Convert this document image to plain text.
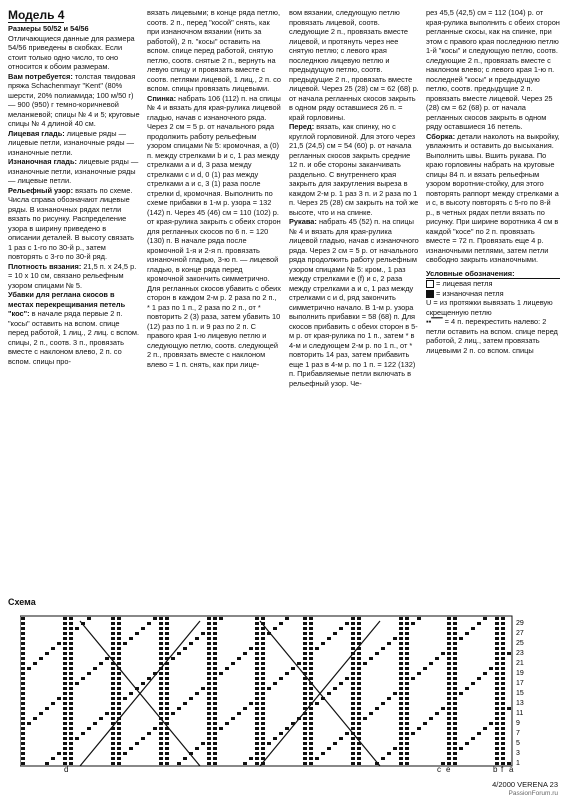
Модель 4

Размеры 50/52 и 54/56

Отличающиеся данные для размера 54/56 приведены в скобках. Если стоит только одно число, то оно относится к обоим размерам.

Вам потребуется: толстая твидовая пряжа Schachenmayr "Kent" (80% шерсти, 20% полиамида; 100 м/50 г) — 900 (950) г темно-коричневой меланжевой; спицы № 4 и 5; круговые спицы № 4 длиной 40 см.

Лицевая гладь: лицевые ряды — лицевые петли, изнаночные ряды — изнаночные петли.

Изнаночная гладь: лицевые ряды — изнаночные петли, изнаночные ряды — лицевые петли.

Рельефный узор: вязать по схеме. Числа справа обозначают лицевые ряды. В изнаночных рядах петли вязать по рисунку. Распределение узора в ширину приведено в описании деталей. В высоту связать 1 раз с 1-го по 30-й р., затем повторять с 3-го по 30-й ряд.

Плотность вязания: 21,5 п. х 24,5 р. = 10 х 10 см, связано рельефным узором спицами № 5.

Убавки для реглана скосов в местах перекрещивания петель "кос": в начале ряда первые 2 п. "косы" оставить на вспом. спице перед работой, 1 лиц., 2 лиц. с вспом. спицы, 2 п., соотв. 3 п., провязать вместе с наклоном влево, 2 п. со вспом. спицы про-

вязать лицевыми; в конце ряда петлю, соотв. 2 п., перед "косой" снять, как при изнаночном вязании (нить за работой), 2 п. "косы" оставить на вспом. спице перед работой, снятую петлю, соотв. снятые 2 п., вернуть на левую спицу и провязать вместе с соотв. петлями лицевой, 1 лиц., 2 п. со вспом. спицы провязать лицевыми.

Спинка: набрать 106 (112) п. на спицы № 4 и вязать для края-рулика лицевой гладью, начав с изнаночного ряда. Через 2 см = 5 р. от начального ряда продолжить работу рельефным узором спицами № 5: кромочная, a (0) п. между стрелками b и с, 1 раз между стрелками a и d, 3 раза между стрелками c и d, 0 (1) раз между стрелками a и c, 3 (1) раза после стрелки d, кромочная. Выполнить по схеме прибавки в 1-м р. узора = 132 (142) п. Через 45 (46) см = 110 (102) р. от края-рулика закрыть с обеих сторон для регланных скосов по 6 п. = 120 (130) п. В начале ряда после кромочной 1-я и 2-я п. провязать изнаночной гладью, 3-ю п. — лицевой гладью, в конце ряда перед кромочной закончить симметрично. Для регланных скосов убавить с обеих сторон в каждом 2-м р. 2 раза по 2 п., * 1 раз по 1 п., 2 раза по 2 п., от * повторить 2 (3) раза, затем убавить 10 (12) раз по 1 п. и 9 раз по 2 п. С правого края 1-ю лицевую петлю и следующую петлю, соотв. следующей 2 п., провязать вместе с наклоном влево = 1 п. снять, как при лице-

вом вязании, следующую петлю провязать лицевой, соотв. следующие 2 п., провязать вместе лицевой, и протянуть через нее снятую петлю; с левого края последнюю лицевую петлю и предыдущую петлю, соотв. предыдущие 2 п., провязать вместе лицевой. Через 25 (28) см = 62 (68) р. от начала регланных скосов закрыть в одном ряду оставшиеся 26 п. = край горловины.

Перед: вязать, как спинку, но с круглой горловиной. Для этого через 21,5 (24,5) см = 54 (60) р. от начала регланных скосов закрыть средние 12 п. и обе стороны заканчивать раздельно. С внутреннего края закрыть для закругления выреза в каждом 2-м р. 1 раз 3 п. и 2 раза по 1 п. Через 25 (28) см закрыть на той же высоте, что и на спинке.

Рукава: набрать 45 (52) п. на спицы № 4 и вязать для края-рулика лицевой гладью, начав с изнаночного ряда. Через 2 см = 5 р. от начального ряда продолжить работу рельефным узором спицами № 5: кром., 1 раз между стрелками e (f) и c, 2 раза между стрелками a и c, 1 раз между стрелками c и d, ряд закончить симметрично начало. В 1-м р. узора выполнить прибавки = 58 (68) п. Для скосов прибавить с обеих сторон в 5-м р. от края-рулика по 1 п., затем * в 4-м и следующем 2-м р. по 1 п., от * повторить 14 раз, затем прибавить еще 1 раз в 4-м р. по 1 п. = 122 (132) п. Прибавляемые петли включать в рельефный узор. Че-

рез 45,5 (42,5) см = 112 (104) р. от края-рулика выполнить с обеих сторон регланные скосы, как на спинке, при этом с правого края последнюю петлю 1-й "косы" и следующую петлю, соотв. следующие 2 п., провязать вместе с наклоном влево; с левого края 1-ю п. последней "косы" и предыдущую петлю, соотв. предыдущие 2 п. провязать вместе лицевой. Через 25 (28) см = 62 (68) р. от начала регланных скосов закрыть в одном ряду оставшиеся 16 петель.

Сборка: детали наколоть на выкройку, увлажнить и оставить до высыхания. Выполнить швы. Вшить рукава. По краю горловины набрать на круговые спицы 84 п. и вязать рельефным узором воротник-стойку, для этого повторять раппорт между стрелками a и c, в высоту повторять с 5-го по 8-й р., в четных рядах петли вязать по рисунку. При ширине воротника 4 см в каждой "косе" по 2 п. провязать вместе = 72 п. Провязать еще 4 р. изнаночными петлями, затем петли свободно закрыть изнаночными.

Условные обозначения:

= лицевая петля

= изнаночная петля

U = из протяжки вывязать 1 лицевую скрещенную петлю

▪▪▔▔ = 4 п. перекрестить налево: 2 петли оставить на вспом. спице перед работой, 2 лиц., затем провязать лицевыми 2 п. со вспом. спицы

Схема
1
3
5
7
9
11
13
15
17
19
21
23
25
27
29
d	c e	b f a
4/2000 VERENA 23
PassionForum.ru
